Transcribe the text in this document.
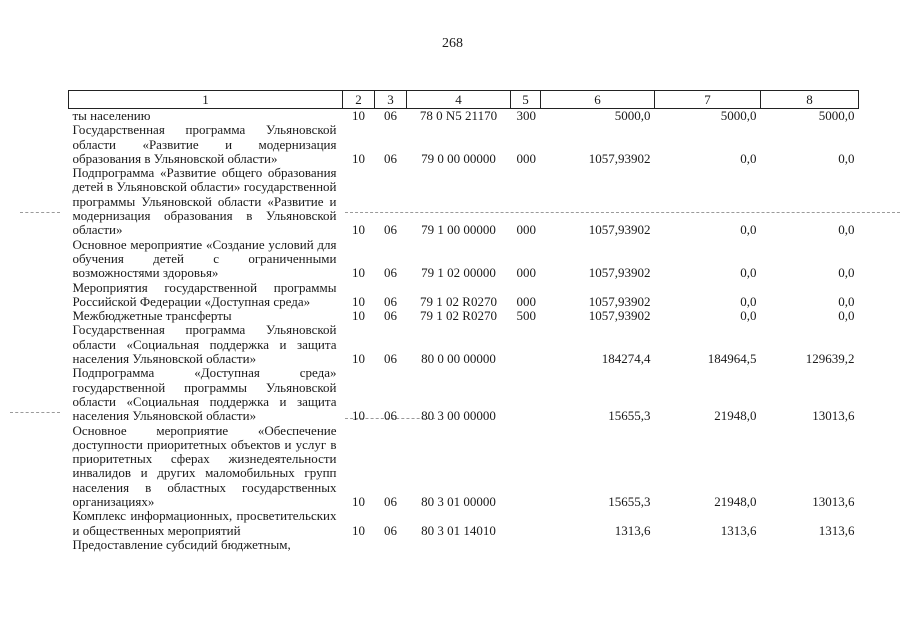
268
1	2	3	4	5	6	7	8
ты населению	10	06	78 0 N5 21170	300	5000,0	5000,0	5000,0
Государственная программа Ульяновской области «Развитие и модернизация образования в Ульяновской области»	10	06	79 0 00 00000	000	1057,93902	0,0	0,0
Подпрограмма «Развитие общего образования детей в Ульяновской области» государственной программы Ульяновской области «Развитие и модернизация образования в Ульяновской области»	10	06	79 1 00 00000	000	1057,93902	0,0	0,0
Основное мероприятие «Создание условий для обучения детей с ограниченными возможностями здоровья»	10	06	79 1 02 00000	000	1057,93902	0,0	0,0
Мероприятия государственной программы Российской Федерации «Доступная среда»	10	06	79 1 02 R0270	000	1057,93902	0,0	0,0
Межбюджетные трансферты	10	06	79 1 02 R0270	500	1057,93902	0,0	0,0
Государственная программа Ульяновской области «Социальная поддержка и защита населения Ульяновской области»	10	06	80 0 00 00000		184274,4	184964,5	129639,2
Подпрограмма «Доступная среда» государственной программы Ульяновской области «Социальная поддержка и защита населения Ульяновской области»	10	06	80 3 00 00000		15655,3	21948,0	13013,6
Основное мероприятие «Обеспечение доступности приоритетных объектов и услуг в приоритетных сферах жизнедеятельности инвалидов и других маломобильных групп населения в областных государственных организациях»	10	06	80 3 01 00000		15655,3	21948,0	13013,6
Комплекс информационных, просветительских и общественных мероприятий	10	06	80 3 01 14010		1313,6	1313,6	1313,6
Предоставление субсидий бюджетным,							
